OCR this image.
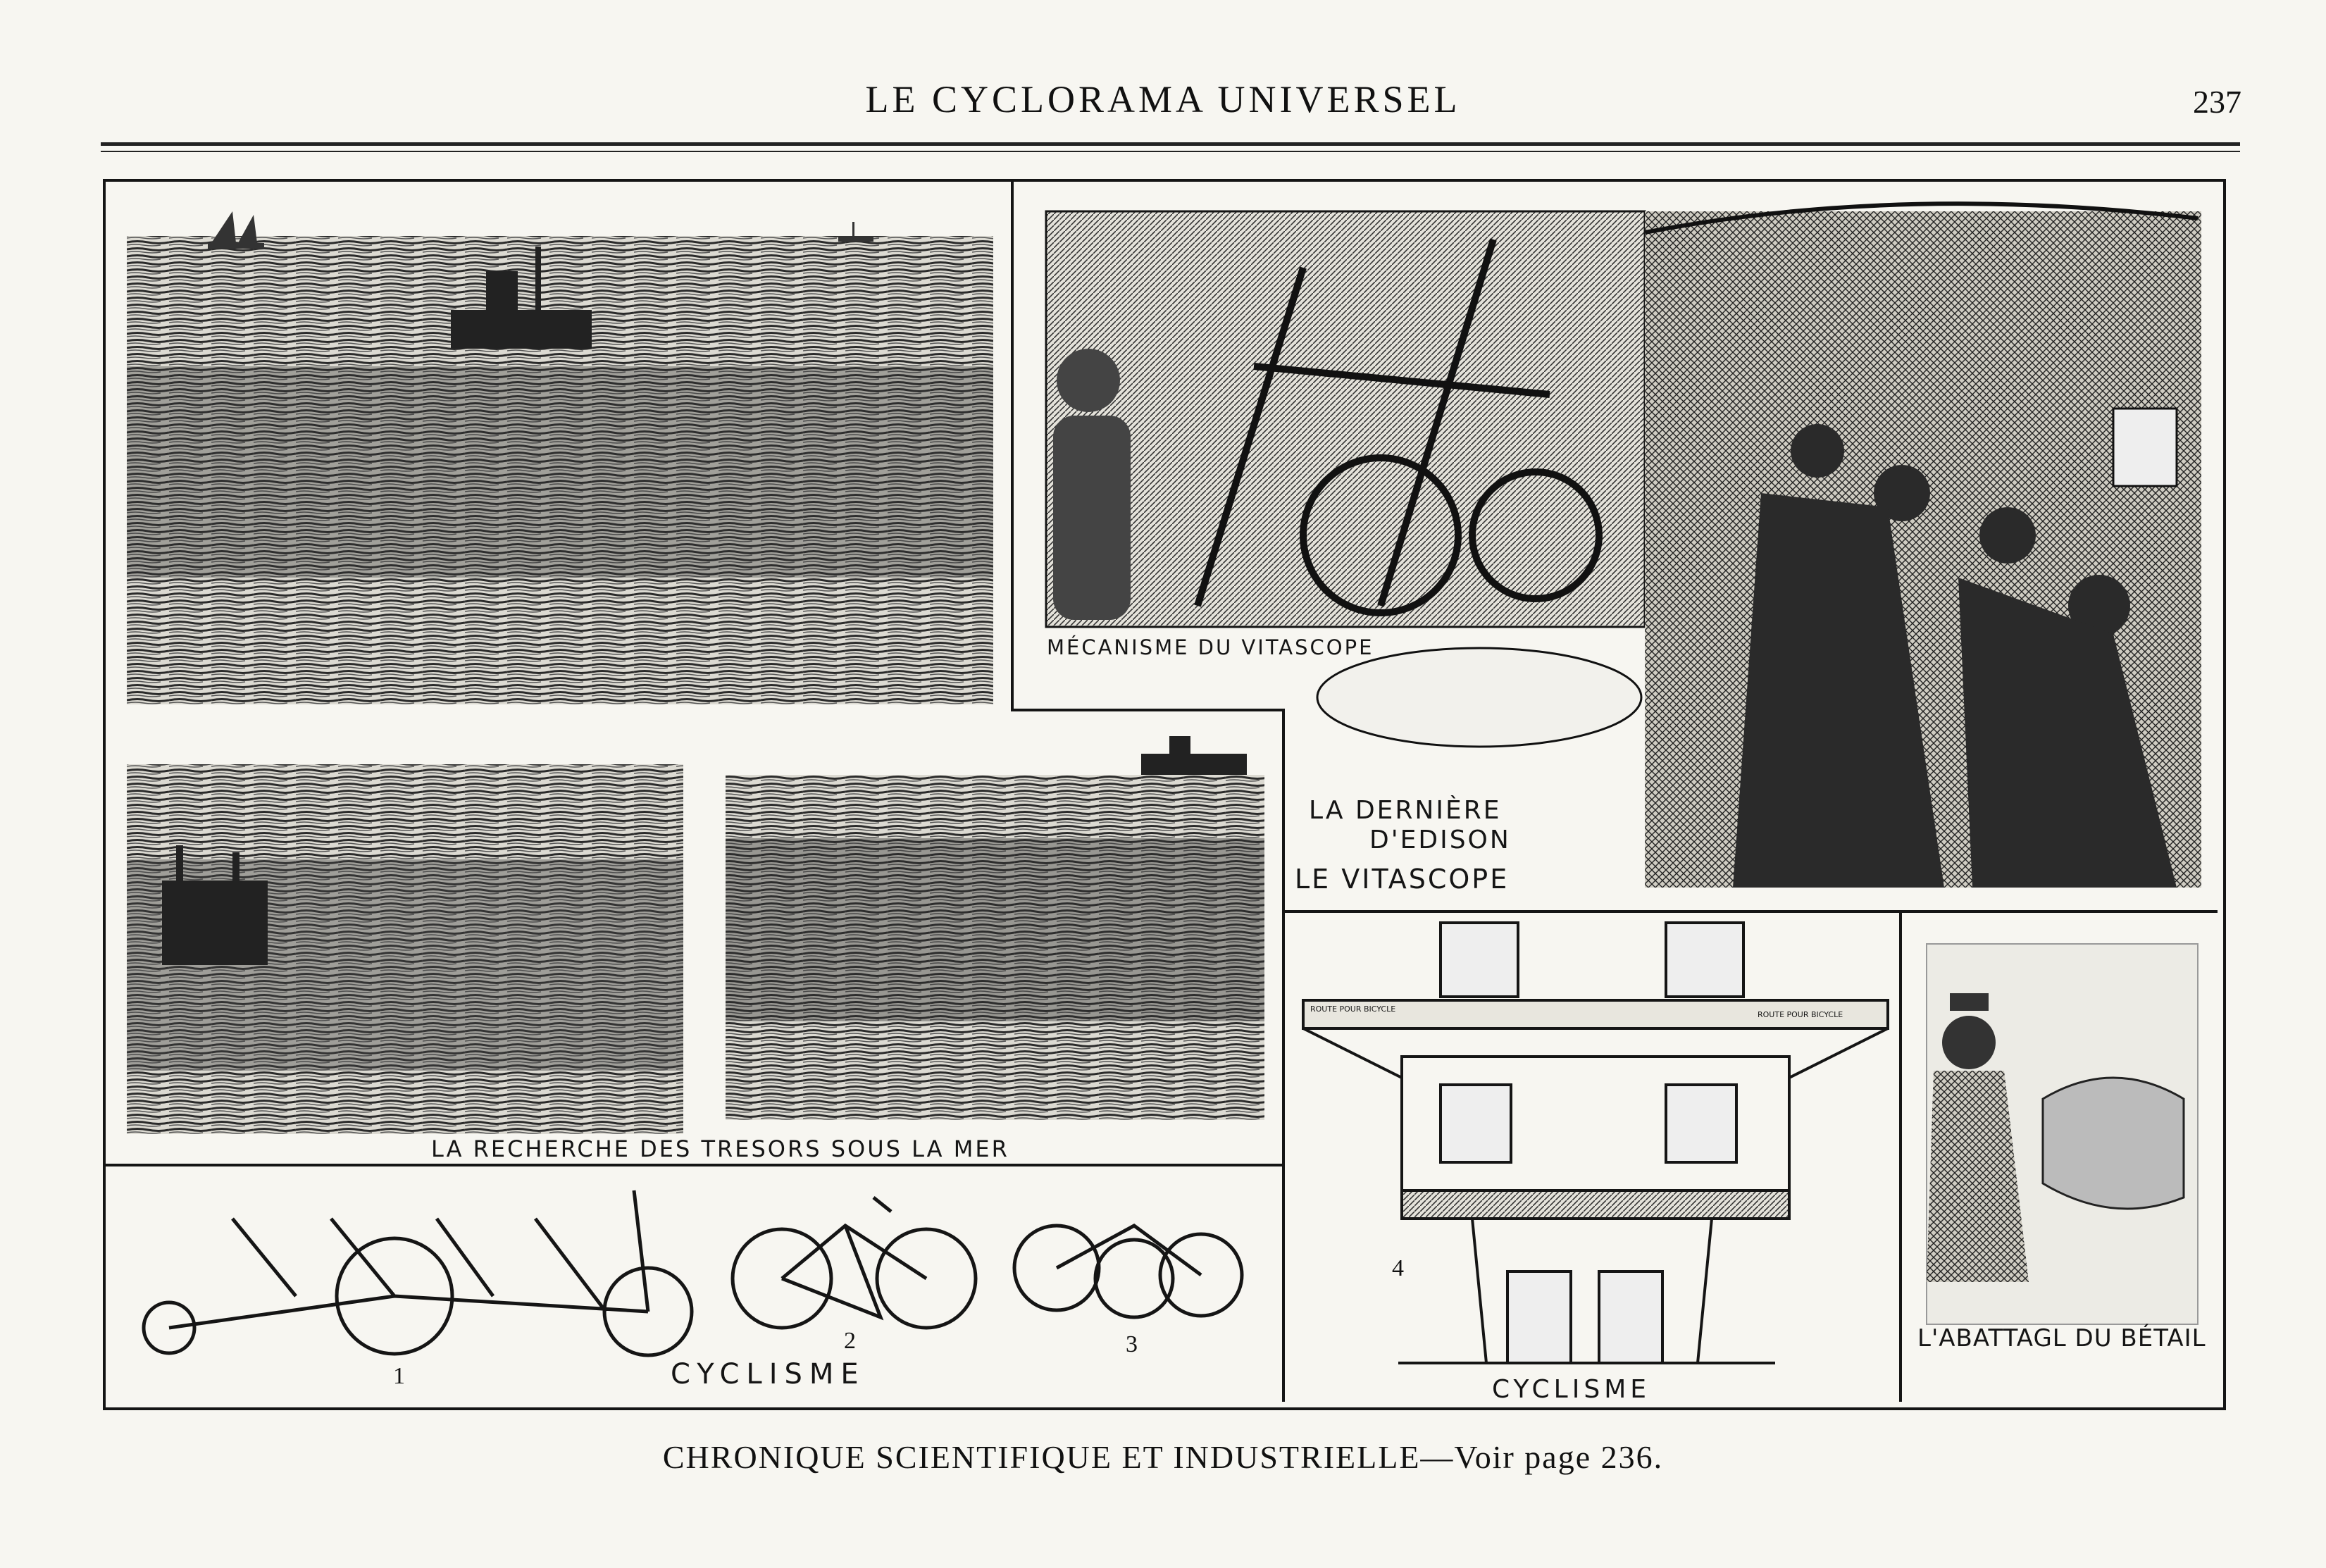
LE CYCLORAMA UNIVERSEL	237
MÉCANISME DU VITASCOPE
LA DERNIÈRE
D'EDISON
LE VITASCOPE
LA RECHERCHE DES TRESORS SOUS LA MER
1
2	3
CYCLISME
4
ROUTE POUR BICYCLE
ROUTE POUR BICYCLE
CYCLISME
L'ABATTAGL DU BÉTAIL
CHRONIQUE SCIENTIFIQUE ET INDUSTRIELLE—Voir page 236.
